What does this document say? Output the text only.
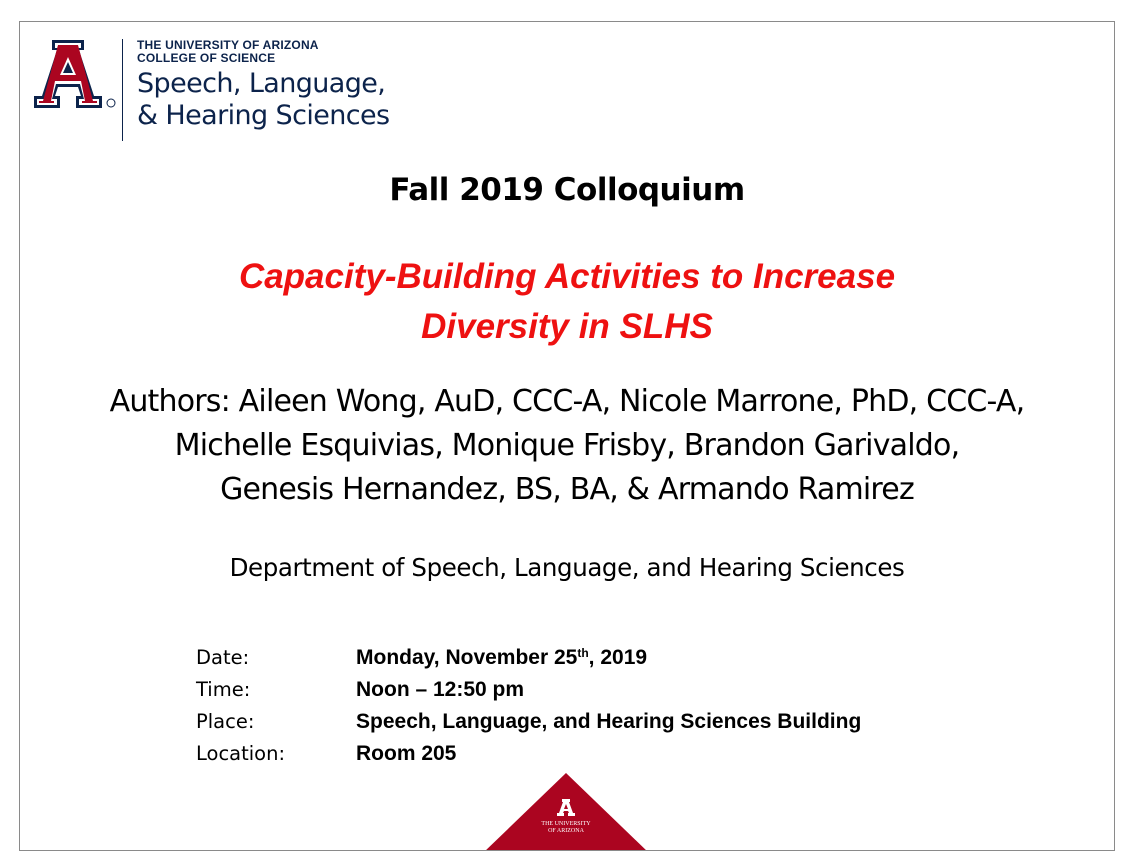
THE UNIVERSITY OF ARIZONA
COLLEGE OF SCIENCE
Speech, Language,
& Hearing Sciences
Fall 2019 Colloquium
Capacity-Building Activities to Increase
Diversity in SLHS
Authors: Aileen Wong, AuD, CCC-A, Nicole Marrone, PhD, CCC-A,
Michelle Esquivias, Monique Frisby, Brandon Garivaldo,
Genesis Hernandez, BS, BA, & Armando Ramirez
Department of Speech, Language, and Hearing Sciences
Date:	Monday, November 25th, 2019
Time:	Noon – 12:50 pm
Place:	Speech, Language, and Hearing Sciences Building
Location:	Room 205
THE UNIVERSITY
OF ARIZONA
